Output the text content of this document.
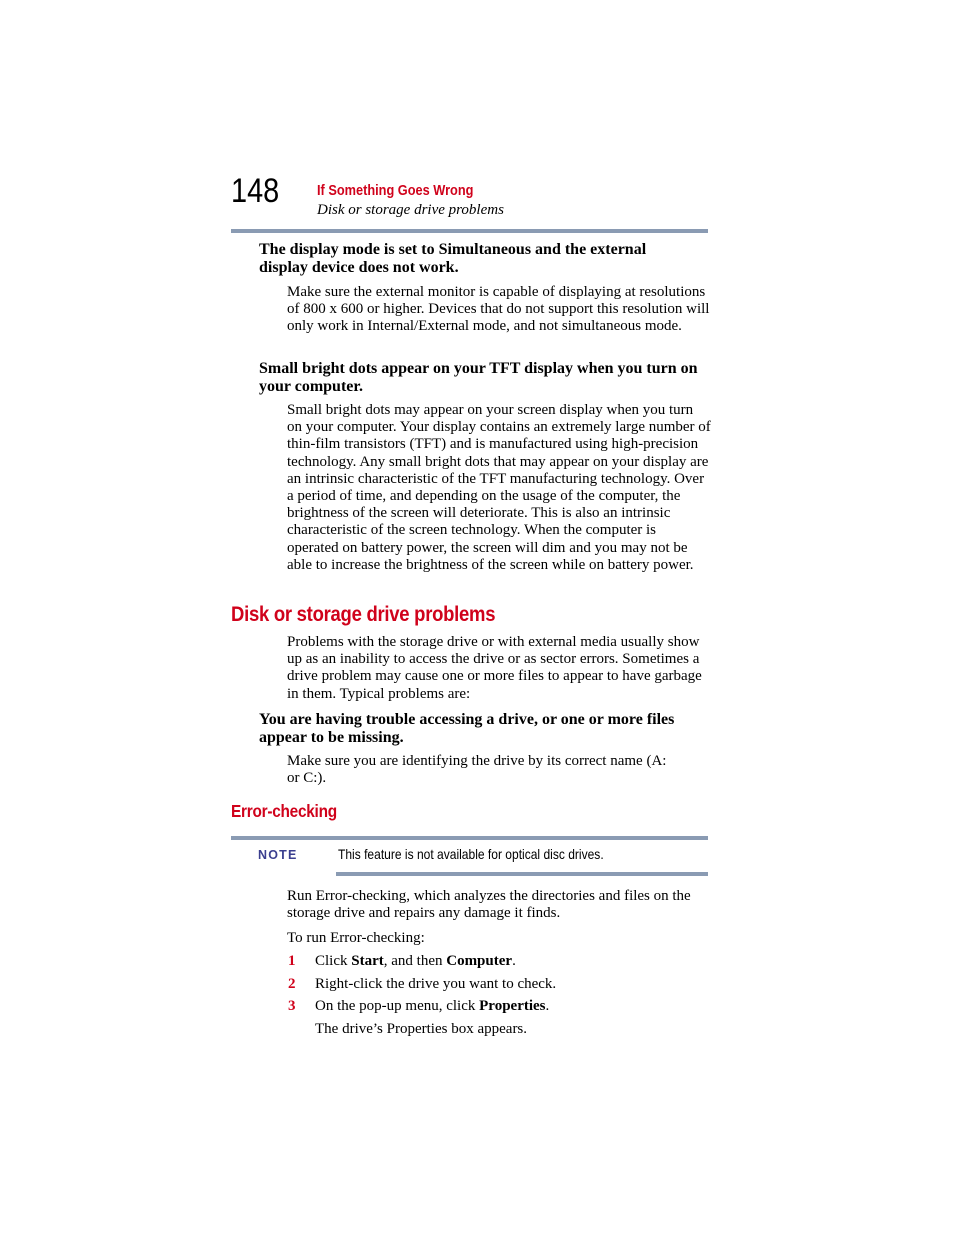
148	If Something Goes Wrong
Disk or storage drive problems
The display mode is set to Simultaneous and the external display device does not work.
Make sure the external monitor is capable of displaying at resolutions of 800 x 600 or higher. Devices that do not support this resolution will only work in Internal/External mode, and not simultaneous mode.
Small bright dots appear on your TFT display when you turn on your computer.
Small bright dots may appear on your screen display when you turn on your computer. Your display contains an extremely large number of thin-film transistors (TFT) and is manufactured using high-precision technology. Any small bright dots that may appear on your display are an intrinsic characteristic of the TFT manufacturing technology. Over a period of time, and depending on the usage of the computer, the brightness of the screen will deteriorate. This is also an intrinsic characteristic of the screen technology. When the computer is operated on battery power, the screen will dim and you may not be able to increase the brightness of the screen while on battery power.
Disk or storage drive problems
Problems with the storage drive or with external media usually show up as an inability to access the drive or as sector errors. Sometimes a drive problem may cause one or more files to appear to have garbage in them. Typical problems are:
You are having trouble accessing a drive, or one or more files appear to be missing.
Make sure you are identifying the drive by its correct name (A: or C:).
Error-checking
NOTE	This feature is not available for optical disc drives.
Run Error-checking, which analyzes the directories and files on the storage drive and repairs any damage it finds.
To run Error-checking:
1 Click Start, and then Computer.
2 Right-click the drive you want to check.
3 On the pop-up menu, click Properties.
The drive’s Properties box appears.
